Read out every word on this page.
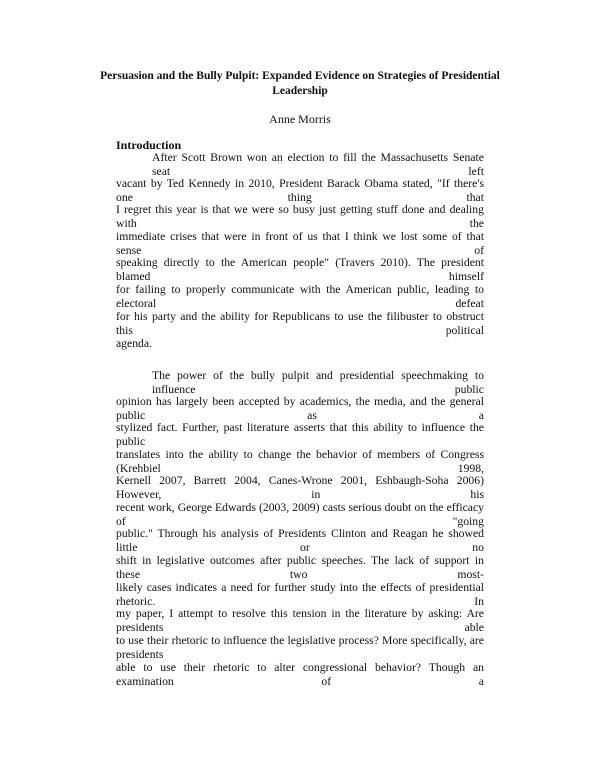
Persuasion and the Bully Pulpit: Expanded Evidence on Strategies of Presidential
Leadership
Anne Morris
Introduction
After Scott Brown won an election to fill the Massachusetts Senate seat left
vacant by Ted Kennedy in 2010, President Barack Obama stated, "If there's one thing that
I regret this year is that we were so busy just getting stuff done and dealing with the
immediate crises that were in front of us that I think we lost some of that sense of
speaking directly to the American people" (Travers 2010). The president blamed himself
for failing to properly communicate with the American public, leading to electoral defeat
for his party and the ability for Republicans to use the filibuster to obstruct this political
agenda.
The power of the bully pulpit and presidential speechmaking to influence public
opinion has largely been accepted by academics, the media, and the general public as a
stylized fact. Further, past literature asserts that this ability to influence the public
translates into the ability to change the behavior of members of Congress (Krehbiel 1998,
Kernell 2007, Barrett 2004, Canes-Wrone 2001, Eshbaugh-Soha 2006) However, in his
recent work, George Edwards (2003, 2009) casts serious doubt on the efficacy of "going
public." Through his analysis of Presidents Clinton and Reagan he showed little or no
shift in legislative outcomes after public speeches. The lack of support in these two most-
likely cases indicates a need for further study into the effects of presidential rhetoric. In
my paper, I attempt to resolve this tension in the literature by asking: Are presidents able
to use their rhetoric to influence the legislative process? More specifically, are presidents
able to use their rhetoric to alter congressional behavior? Though an examination of a
